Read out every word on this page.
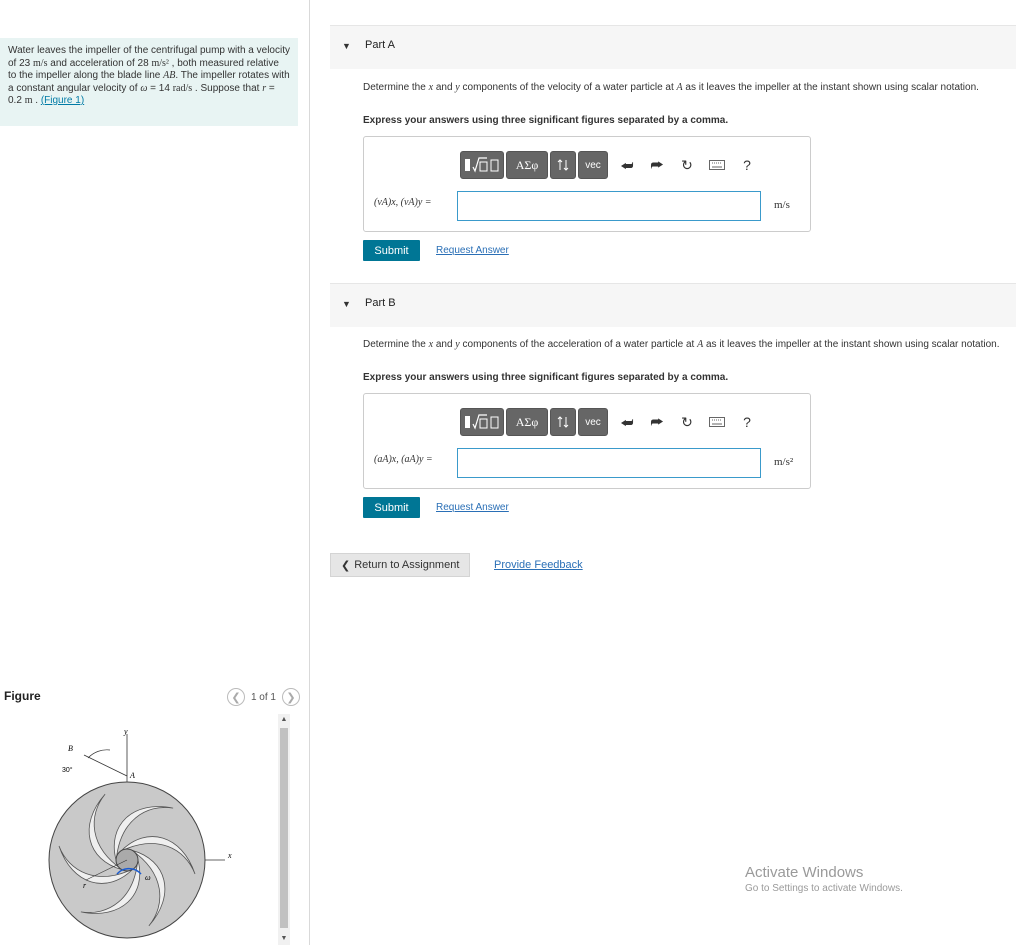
Water leaves the impeller of the centrifugal pump with a velocity of 23 m/s and acceleration of 28 m/s² , both measured relative to the impeller along the blade line AB. The impeller rotates with a constant angular velocity of ω = 14 rad/s . Suppose that r = 0.2 m . (Figure 1)
Figure	❮	1 of 1 ❯
B
y
30°
A
x
ω
r
▲
▼
▼ Part A
Determine the x and y components of the velocity of a water particle at A as it leaves the impeller at the instant shown using scalar notation.
Express your answers using three significant figures separated by a comma.
ΑΣφ	vec	⮨	⮫	↻	?
(vA)x, (vA)y =	m/s
Submit	Request Answer
▼ Part B
Determine the x and y components of the acceleration of a water particle at A as it leaves the impeller at the instant shown using scalar notation.
Express your answers using three significant figures separated by a comma.
ΑΣφ	vec	⮨	⮫	↻	?
(aA)x, (aA)y =	m/s²
Submit	Request Answer
❮ Return to Assignment	Provide Feedback
Activate Windows
Go to Settings to activate Windows.
